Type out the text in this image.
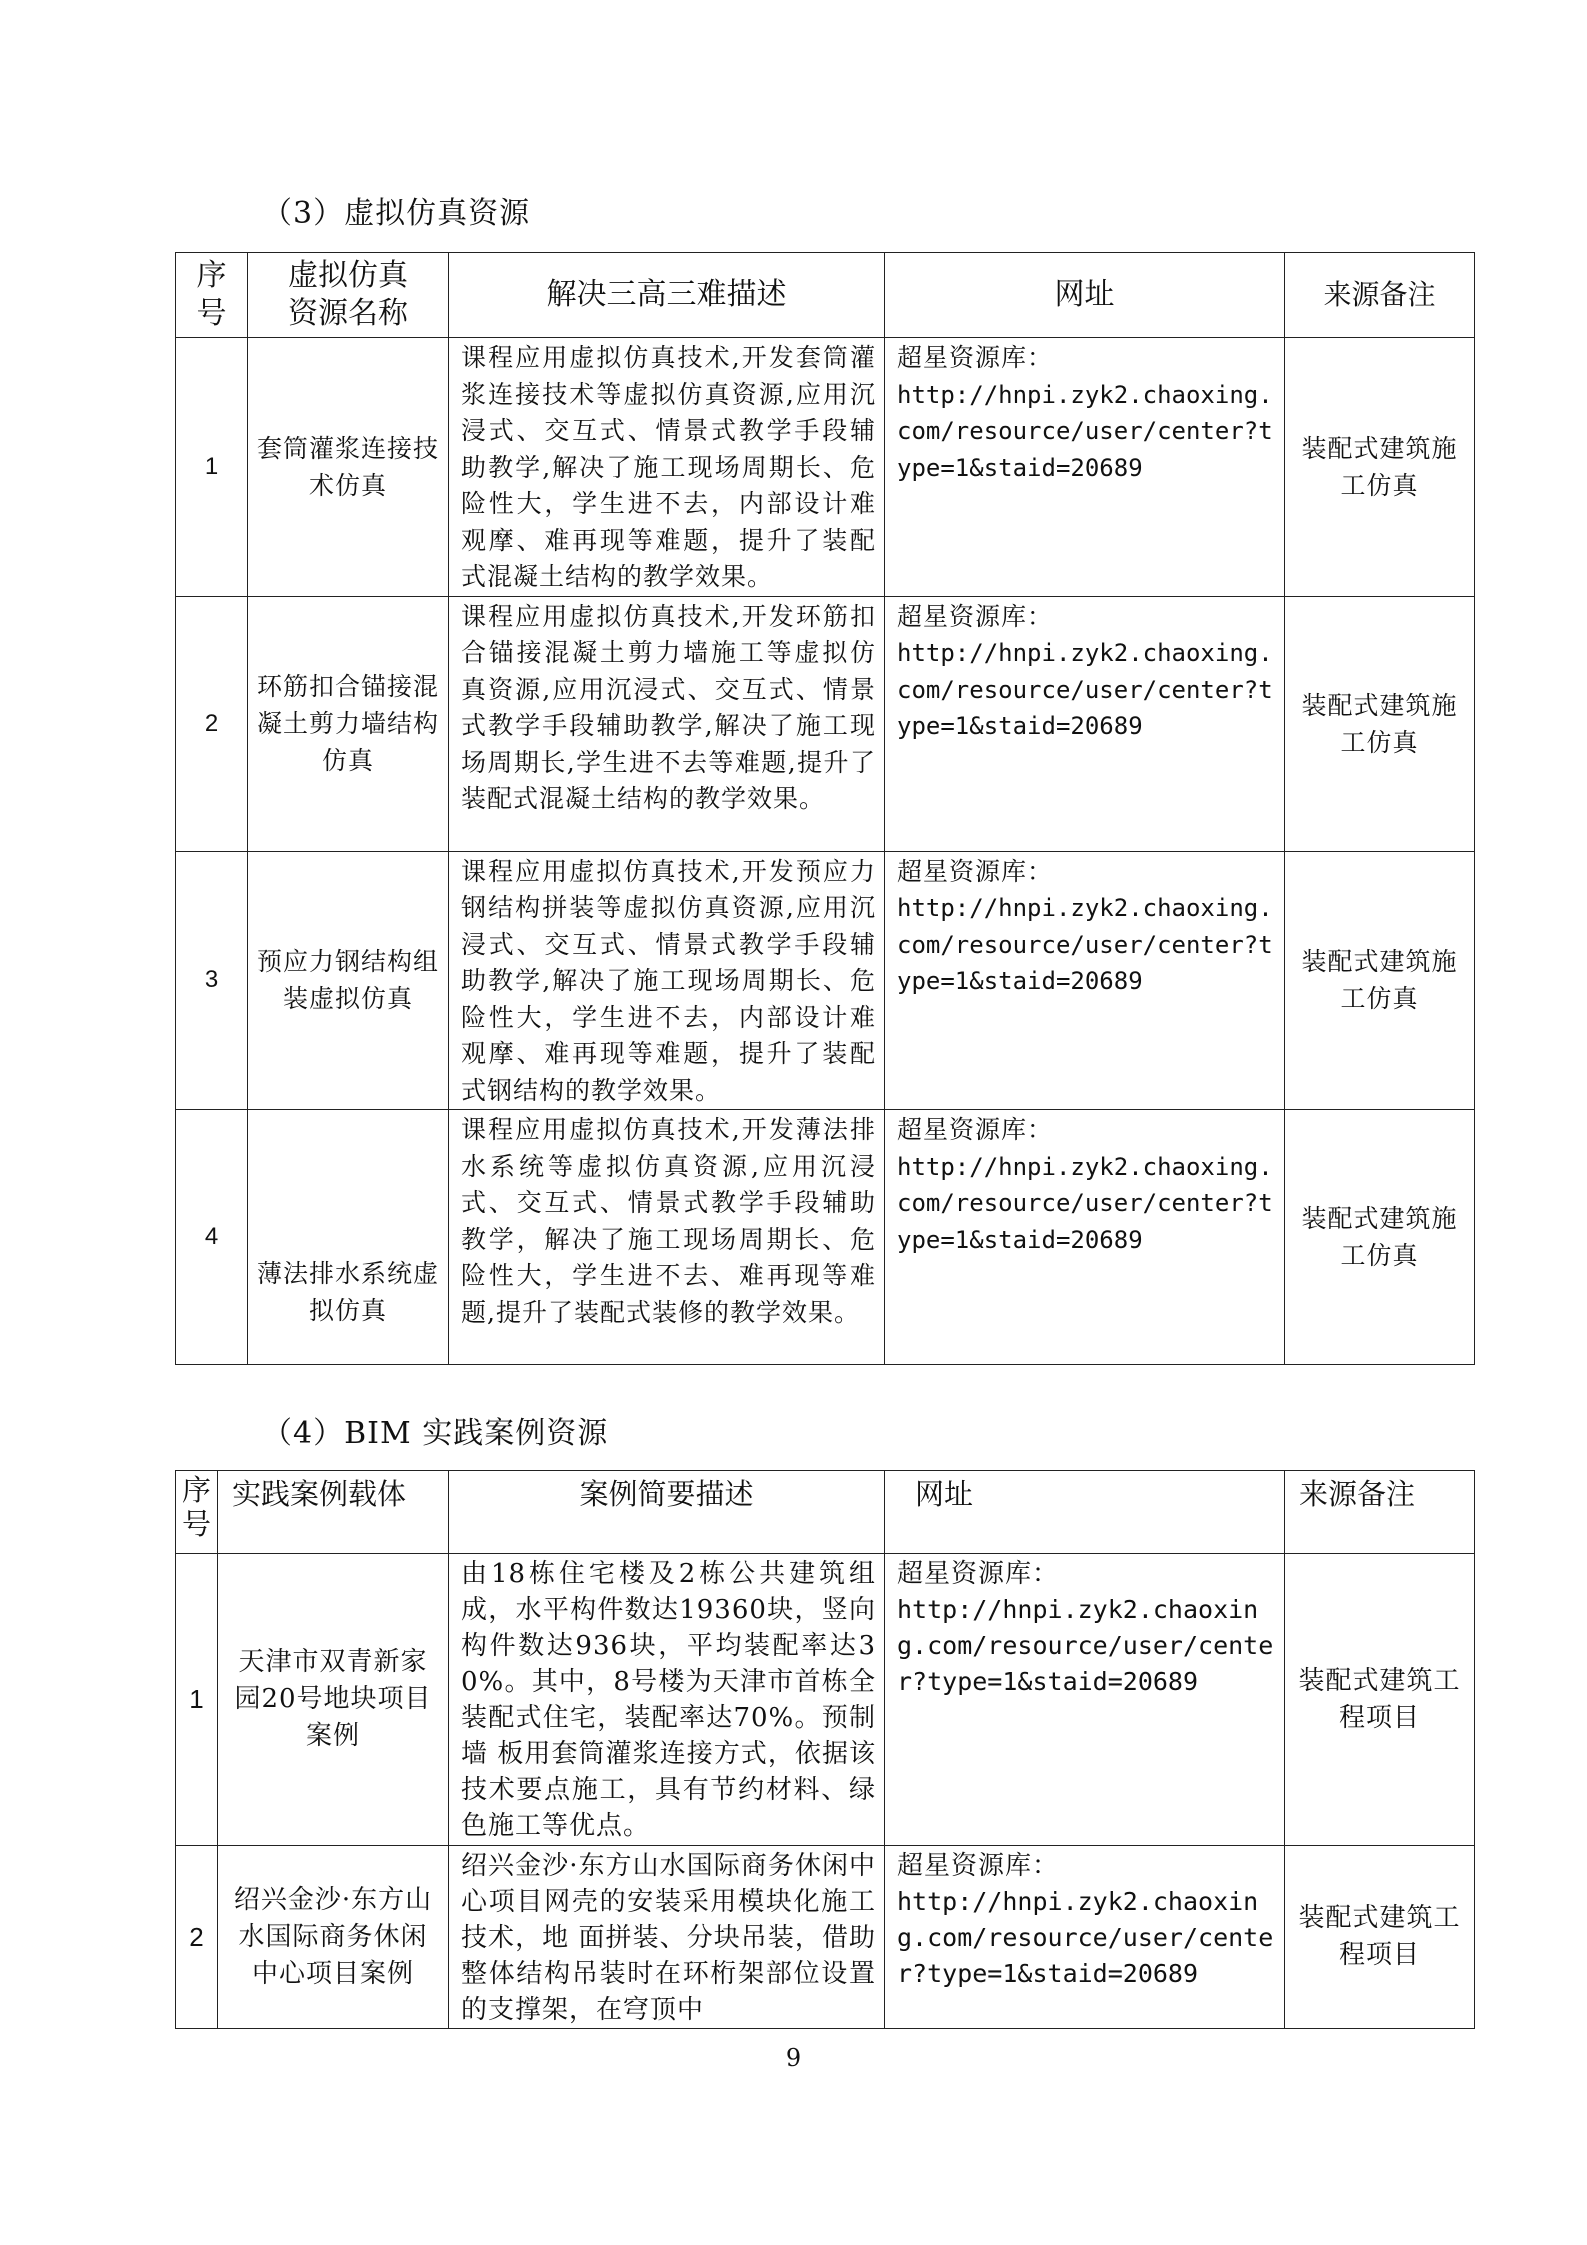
（3）虚拟仿真资源
序号	虚拟仿真资源名称	解决三高三难描述	网址	来源备注
1	套筒灌浆连接技术仿真	课程应用虚拟仿真技术,开发套筒灌浆连接技术等虚拟仿真资源,应用沉浸式、交互式、情景式教学手段辅助教学,解决了施工现场周期长、危险性大，学生进不去，内部设计难观摩、难再现等难题，提升了装配式混凝土结构的教学效果。	超星资源库：
http://hnpi.zyk2.chaoxing.com/resource/user/center?type=1&staid=20689	装配式建筑施工仿真
2	环筋扣合锚接混凝土剪力墙结构仿真	课程应用虚拟仿真技术,开发环筋扣合锚接混凝土剪力墙施工等虚拟仿真资源,应用沉浸式、交互式、情景式教学手段辅助教学,解决了施工现场周期长,学生进不去等难题,提升了装配式混凝土结构的教学效果。	超星资源库：
http://hnpi.zyk2.chaoxing.com/resource/user/center?type=1&staid=20689	装配式建筑施工仿真
3	预应力钢结构组装虚拟仿真	课程应用虚拟仿真技术,开发预应力钢结构拼装等虚拟仿真资源,应用沉浸式、交互式、情景式教学手段辅助教学,解决了施工现场周期长、危险性大，学生进不去，内部设计难观摩、难再现等难题，提升了装配式钢结构的教学效果。	超星资源库：
http://hnpi.zyk2.chaoxing.com/resource/user/center?type=1&staid=20689	装配式建筑施工仿真
4	薄法排水系统虚拟仿真	课程应用虚拟仿真技术,开发薄法排水系统等虚拟仿真资源,应用沉浸式、交互式、情景式教学手段辅助教学，解决了施工现场周期长、危险性大，学生进不去、难再现等难题,提升了装配式装修的教学效果。	超星资源库：
http://hnpi.zyk2.chaoxing.com/resource/user/center?type=1&staid=20689	装配式建筑施工仿真
（4）BIM 实践案例资源
序号	实践案例载体	案例简要描述	网址	来源备注
1	天津市双青新家园20号地块项目案例	由18栋住宅楼及2栋公共建筑组成，水平构件数达19360块，竖向构件数达936块，平均装配率达30%。其中，8号楼为天津市首栋全装配式住宅，装配率达70%。预制墙 板用套筒灌浆连接方式，依据该技术要点施工，具有节约材料、绿色施工等优点。	超星资源库：
http://hnpi.zyk2.chaoxing.com/resource/user/center?type=1&staid=20689	装配式建筑工程项目
2	绍兴金沙·东方山水国际商务休闲中心项目案例	绍兴金沙·东方山水国际商务休闲中心项目网壳的安装采用模块化施工技术，地 面拼装、分块吊装，借助整体结构吊装时在环桁架部位设置的支撑架，在穹顶中	超星资源库：
http://hnpi.zyk2.chaoxing.com/resource/user/center?type=1&staid=20689	装配式建筑工程项目
9
